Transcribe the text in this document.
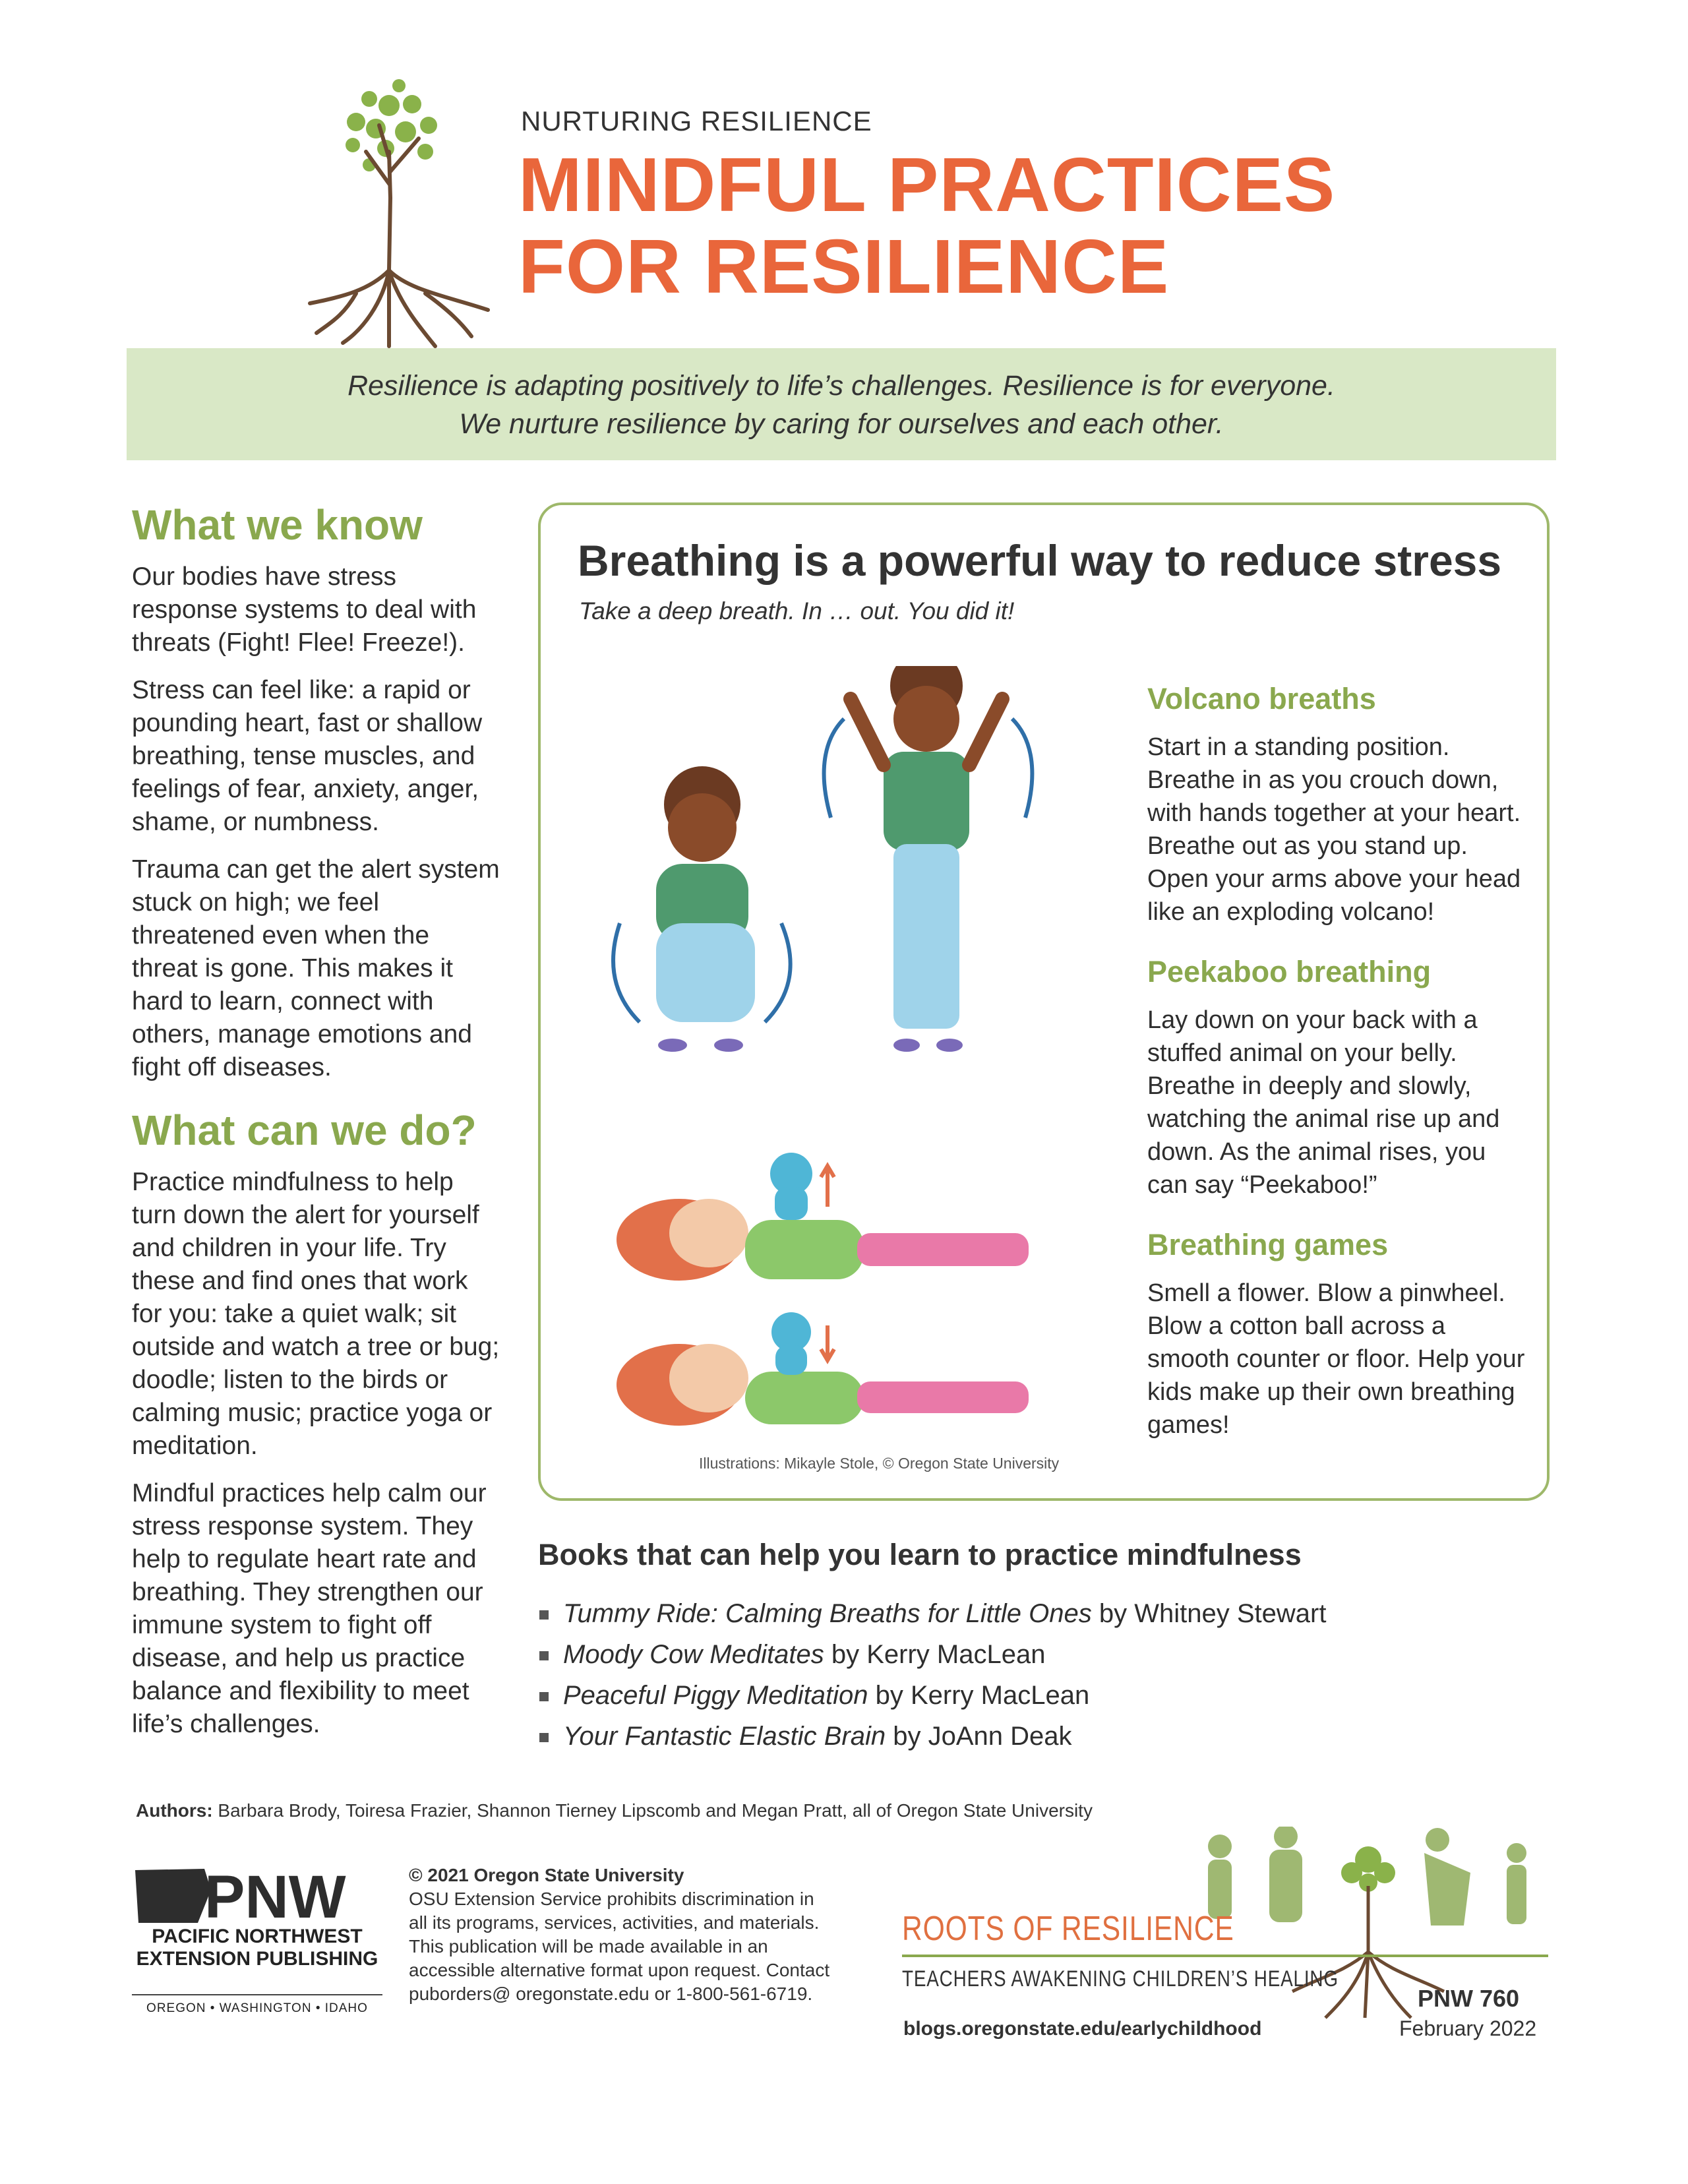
NURTURING RESILIENCE
MINDFUL PRACTICES
FOR RESILIENCE

Resilience is adapting positively to life’s challenges. Resilience is for everyone.

We nurture resilience by caring for ourselves and each other.

What we know

Our bodies have stress response systems to deal with threats (Fight! Flee! Freeze!).

Stress can feel like: a rapid or pounding heart, fast or shallow breathing, tense muscles, and feelings of fear, anxiety, anger, shame, or numbness.

Trauma can get the alert system stuck on high; we feel threatened even when the threat is gone. This makes it hard to learn, connect with others, manage emotions and fight off diseases.

What can we do?

Practice mindfulness to help turn down the alert for yourself and children in your life. Try these and find ones that work for you: take a quiet walk; sit outside and watch a tree or bug; doodle; listen to the birds or calming music; practice yoga or meditation.

Mindful practices help calm our stress response system. They help to regulate heart rate and breathing. They strengthen our immune system to fight off disease, and help us practice balance and flexibility to meet life’s challenges.

Breathing is a powerful way to reduce stress
Take a deep breath. In … out. You did it!
Illustrations: Mikayle Stole, © Oregon State University
Volcano breaths

Start in a standing position. Breathe in as you crouch down, with hands together at your heart. Breathe out as you stand up. Open your arms above your head like an exploding volcano!

Peekaboo breathing

Lay down on your back with a stuffed animal on your belly. Breathe in deeply and slowly, watching the animal rise up and down. As the animal rises, you can say “Peekaboo!”

Breathing games

Smell a flower. Blow a pinwheel. Blow a cotton ball across a smooth counter or floor. Help your kids make up their own breathing games!

Books that can help you learn to practice mindfulness
Tummy Ride: Calming Breaths for Little Ones by Whitney Stewart
Moody Cow Meditates by Kerry MacLean
Peaceful Piggy Meditation by Kerry MacLean
Your Fantastic Elastic Brain by JoAnn Deak
Authors: Barbara Brody, Toiresa Frazier, Shannon Tierney Lipscomb and Megan Pratt, all of Oregon State University
PNW
PACIFIC NORTHWEST
EXTENSION PUBLISHING
OREGON • WASHINGTON • IDAHO
© 2021 Oregon State University
OSU Extension Service prohibits discrimination in all its programs, services, activities, and materials. This publication will be made available in an accessible alternative format upon request. Contact puborders@ oregonstate.edu or 1-800-561-6719.
ROOTS OF RESILIENCE
TEACHERS AWAKENING CHILDREN’S HEALING
blogs.oregonstate.edu/earlychildhood
PNW 760
February 2022
